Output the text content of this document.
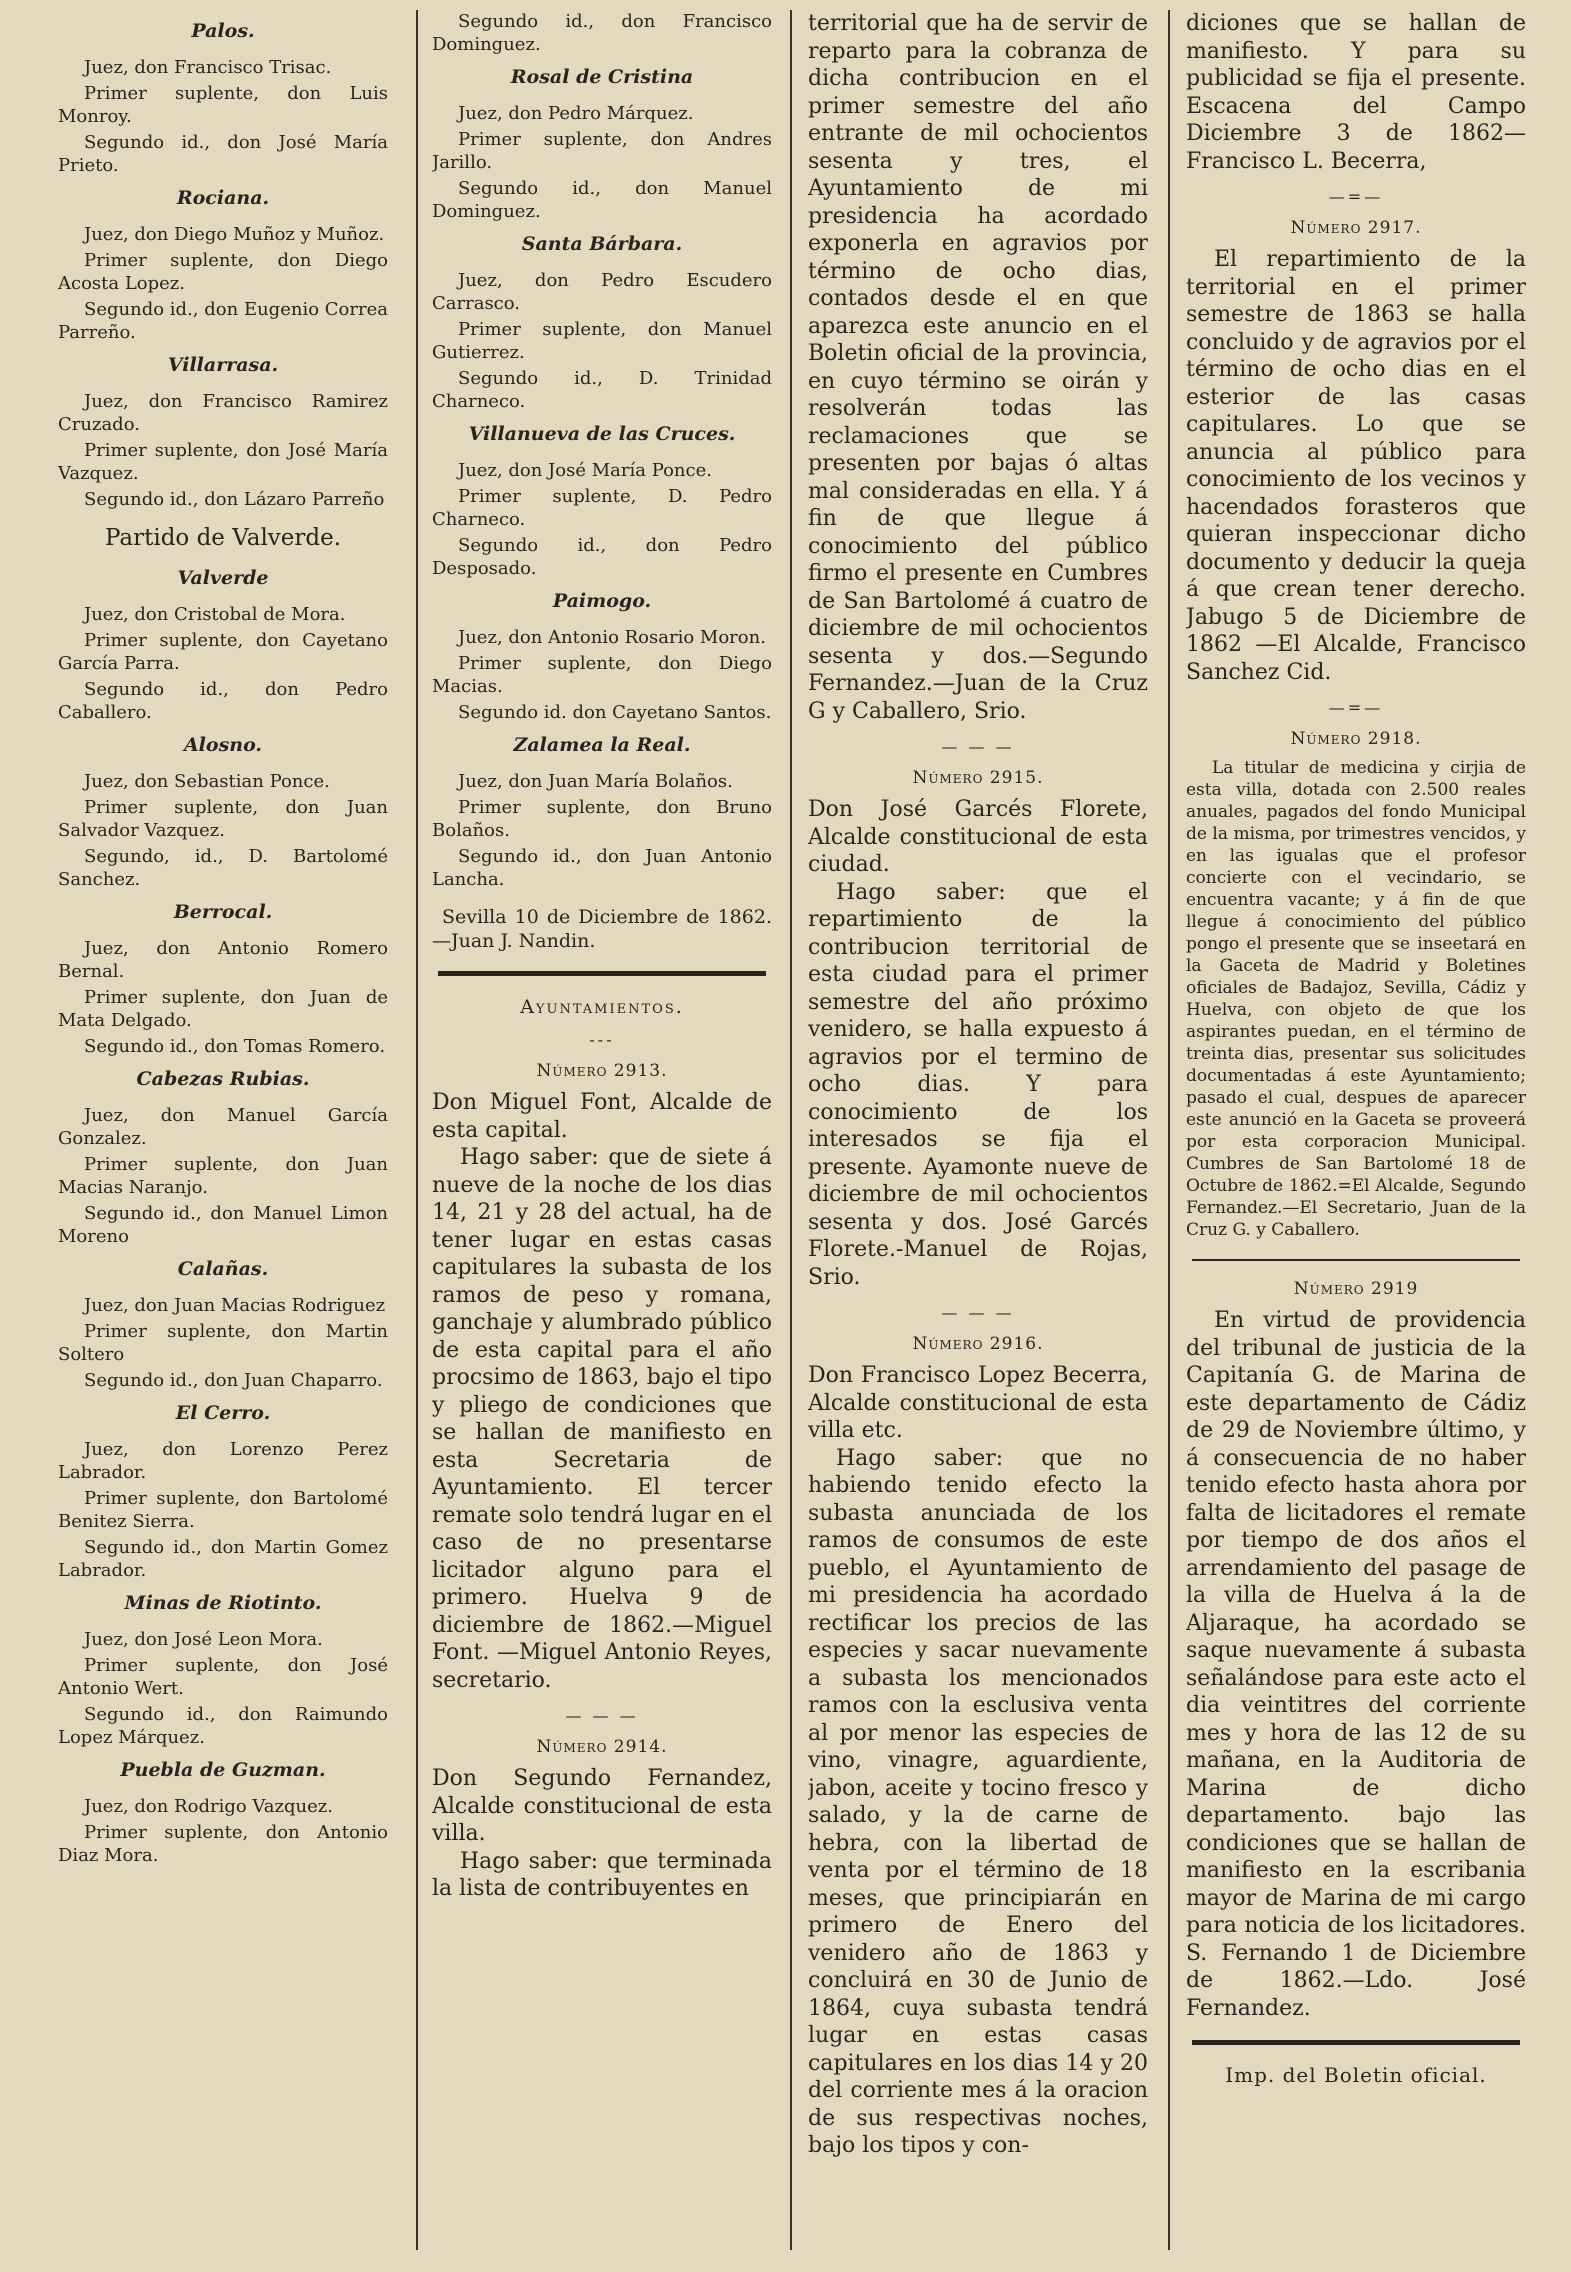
Palos.
Juez, don Francisco Trisac.
Primer suplente, don Luis Monroy.
Segundo id., don José María Prieto.
Rociana.
Juez, don Diego Muñoz y Muñoz.
Primer suplente, don Diego Acosta Lopez.
Segundo id., don Eugenio Correa Parreño.
Villarrasa.
Juez, don Francisco Ramirez Cruzado.
Primer suplente, don José María Vazquez.
Segundo id., don Lázaro Parreño
Partido de Valverde.
Valverde
Juez, don Cristobal de Mora.
Primer suplente, don Cayetano García Parra.
Segundo id., don Pedro Caballero.
Alosno.
Juez, don Sebastian Ponce.
Primer suplente, don Juan Salvador Vazquez.
Segundo, id., D. Bartolomé Sanchez.
Berrocal.
Juez, don Antonio Romero Bernal.
Primer suplente, don Juan de Mata Delgado.
Segundo id., don Tomas Romero.
Cabezas Rubias.
Juez, don Manuel García Gonzalez.
Primer suplente, don Juan Macias Naranjo.
Segundo id., don Manuel Limon Moreno
Calañas.
Juez, don Juan Macias Rodriguez
Primer suplente, don Martin Soltero
Segundo id., don Juan Chaparro.
El Cerro.
Juez, don Lorenzo Perez Labrador.
Primer suplente, don Bartolomé Benitez Sierra.
Segundo id., don Martin Gomez Labrador.
Minas de Riotinto.
Juez, don José Leon Mora.
Primer suplente, don José Antonio Wert.
Segundo id., don Raimundo Lopez Márquez.
Puebla de Guzman.
Juez, don Rodrigo Vazquez.
Primer suplente, don Antonio Diaz Mora.
Segundo id., don Francisco Dominguez.
Rosal de Cristina
Juez, don Pedro Márquez.
Primer suplente, don Andres Jarillo.
Segundo id., don Manuel Dominguez.
Santa Bárbara.
Juez, don Pedro Escudero Carrasco.
Primer suplente, don Manuel Gutierrez.
Segundo id., D. Trinidad Charneco.
Villanueva de las Cruces.
Juez, don José María Ponce.
Primer suplente, D. Pedro Charneco.
Segundo id., don Pedro Desposado.
Paimogo.
Juez, don Antonio Rosario Moron.
Primer suplente, don Diego Macias.
Segundo id. don Cayetano Santos.
Zalamea la Real.
Juez, don Juan María Bolaños.
Primer suplente, don Bruno Bolaños.
Segundo id., don Juan Antonio Lancha.
Sevilla 10 de Diciembre de 1862. —Juan J. Nandin.
Ayuntamientos.
---
Número 2913.
Don Miguel Font, Alcalde de esta capital.
Hago saber: que de siete á nueve de la noche de los dias 14, 21 y 28 del actual, ha de tener lugar en estas casas capitulares la subasta de los ramos de peso y romana, ganchaje y alumbrado público de esta capital para el año procsimo de 1863, bajo el tipo y pliego de condiciones que se hallan de manifiesto en esta Secretaria de Ayuntamiento. El tercer remate solo tendrá lugar en el caso de no presentarse licitador alguno para el primero. Huelva 9 de diciembre de 1862.—Miguel Font. —Miguel Antonio Reyes, secretario.
— — —
Número 2914.
Don Segundo Fernandez, Alcalde constitucional de esta villa.
Hago saber: que terminada la lista de contribuyentes en
territorial que ha de servir de reparto para la cobranza de dicha contribucion en el primer semestre del año entrante de mil ochocientos sesenta y tres, el Ayuntamiento de mi presidencia ha acordado exponerla en agravios por término de ocho dias, contados desde el en que aparezca este anuncio en el Boletin oficial de la provincia, en cuyo término se oirán y resolverán todas las reclamaciones que se presenten por bajas ó altas mal consideradas en ella. Y á fin de que llegue á conocimiento del público firmo el presente en Cumbres de San Bartolomé á cuatro de diciembre de mil ochocientos sesenta y dos.—Segundo Fernandez.—Juan de la Cruz G y Caballero, Srio.
— — —
Número 2915.
Don José Garcés Florete, Alcalde constitucional de esta ciudad.
Hago saber: que el repartimiento de la contribucion territorial de esta ciudad para el primer semestre del año próximo venidero, se halla expuesto á agravios por el termino de ocho dias. Y para conocimiento de los interesados se fija el presente. Ayamonte nueve de diciembre de mil ochocientos sesenta y dos. José Garcés Florete.-Manuel de Rojas, Srio.
— — —
Número 2916.
Don Francisco Lopez Becerra, Alcalde constitucional de esta villa etc.
Hago saber: que no habiendo tenido efecto la subasta anunciada de los ramos de consumos de este pueblo, el Ayuntamiento de mi presidencia ha acordado rectificar los precios de las especies y sacar nuevamente a subasta los mencionados ramos con la esclusiva venta al por menor las especies de vino, vinagre, aguardiente, jabon, aceite y tocino fresco y salado, y la de carne de hebra, con la libertad de venta por el término de 18 meses, que principiarán en primero de Enero del venidero año de 1863 y concluirá en 30 de Junio de 1864, cuya subasta tendrá lugar en estas casas capitulares en los dias 14 y 20 del corriente mes á la oracion de sus respectivas noches, bajo los tipos y con-
diciones que se hallan de manifiesto. Y para su publicidad se fija el presente. Escacena del Campo Diciembre 3 de 1862—Francisco L. Becerra,
—=—
Número 2917.
El repartimiento de la territorial en el primer semestre de 1863 se halla concluido y de agravios por el término de ocho dias en el esterior de las casas capitulares. Lo que se anuncia al público para conocimiento de los vecinos y hacendados forasteros que quieran inspeccionar dicho documento y deducir la queja á que crean tener derecho. Jabugo 5 de Diciembre de 1862 —El Alcalde, Francisco Sanchez Cid.
—=—
Número 2918.
La titular de medicina y cirjia de esta villa, dotada con 2.500 reales anuales, pagados del fondo Municipal de la misma, por trimestres vencidos, y en las igualas que el profesor concierte con el vecindario, se encuentra vacante; y á fin de que llegue á conocimiento del público pongo el presente que se inseetará en la Gaceta de Madrid y Boletines oficiales de Badajoz, Sevilla, Cádiz y Huelva, con objeto de que los aspirantes puedan, en el término de treinta dias, presentar sus solicitudes documentadas á este Ayuntamiento; pasado el cual, despues de aparecer este anunció en la Gaceta se proveerá por esta corporacion Municipal. Cumbres de San Bartolomé 18 de Octubre de 1862.=El Alcalde, Segundo Fernandez.—El Secretario, Juan de la Cruz G. y Caballero.
Número 2919
En virtud de providencia del tribunal de justicia de la Capitanía G. de Marina de este departamento de Cádiz de 29 de Noviembre último, y á consecuencia de no haber tenido efecto hasta ahora por falta de licitadores el remate por tiempo de dos años el arrendamiento del pasage de la villa de Huelva á la de Aljaraque, ha acordado se saque nuevamente á subasta señalándose para este acto el dia veintitres del corriente mes y hora de las 12 de su mañana, en la Auditoria de Marina de dicho departamento. bajo las condiciones que se hallan de manifiesto en la escribania mayor de Marina de mi cargo para noticia de los licitadores. S. Fernando 1 de Diciembre de 1862.—Ldo. José Fernandez.
Imp. del Boletin oficial.
